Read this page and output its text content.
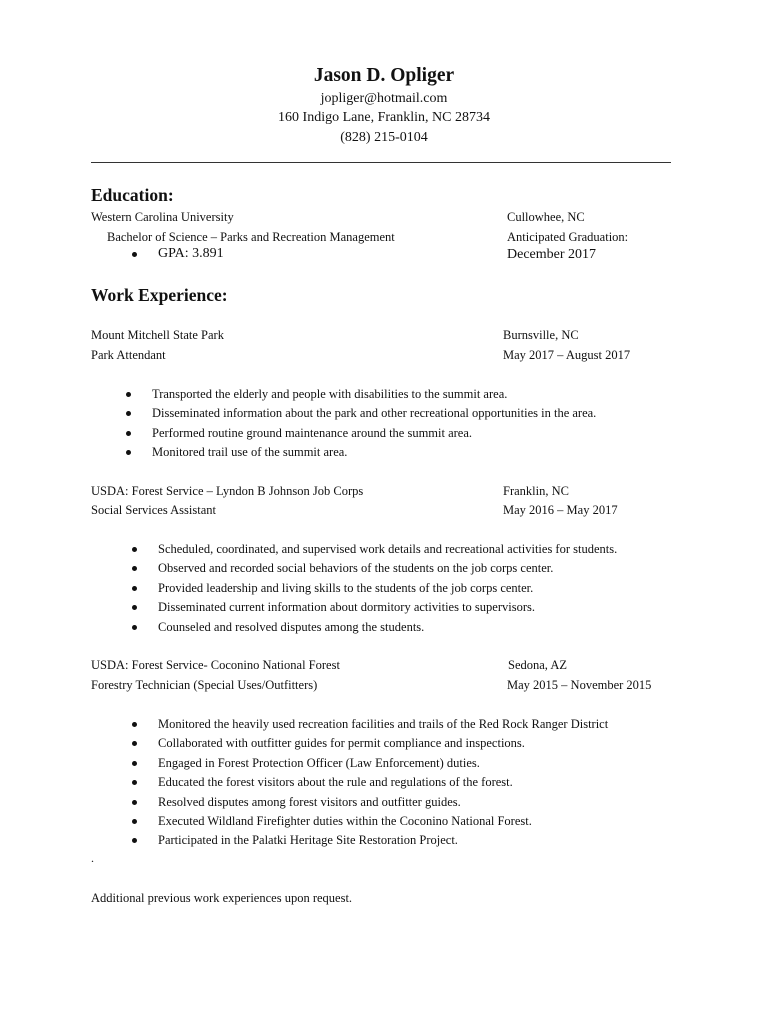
Jason D. Opliger
jopliger@hotmail.com
160 Indigo Lane, Franklin, NC 28734
(828) 215-0104
Education:
Western Carolina University	Cullowhee, NC
Bachelor of Science – Parks and Recreation Management	Anticipated Graduation:
GPA: 3.891	December 2017
Work Experience:
Mount Mitchell State Park	Burnsville, NC
Park Attendant	May 2017 – August 2017
Transported the elderly and people with disabilities to the summit area.
Disseminated information about the park and other recreational opportunities in the area.
Performed routine ground maintenance around the summit area.
Monitored trail use of the summit area.
USDA: Forest Service – Lyndon B Johnson Job Corps	Franklin, NC
Social Services Assistant	May 2016 – May 2017
Scheduled, coordinated, and supervised work details and recreational activities for students.
Observed and recorded social behaviors of the students on the job corps center.
Provided leadership and living skills to the students of the job corps center.
Disseminated current information about dormitory activities to supervisors.
Counseled and resolved disputes among the students.
USDA: Forest Service- Coconino National Forest	Sedona, AZ
Forestry Technician (Special Uses/Outfitters)	May 2015 – November 2015
Monitored the heavily used recreation facilities and trails of the Red Rock Ranger District
Collaborated with outfitter guides for permit compliance and inspections.
Engaged in Forest Protection Officer (Law Enforcement) duties.
Educated the forest visitors about the rule and regulations of the forest.
Resolved disputes among forest visitors and outfitter guides.
Executed Wildland Firefighter duties within the Coconino National Forest.
Participated in the Palatki Heritage Site Restoration Project.
.
Additional previous work experiences upon request.
